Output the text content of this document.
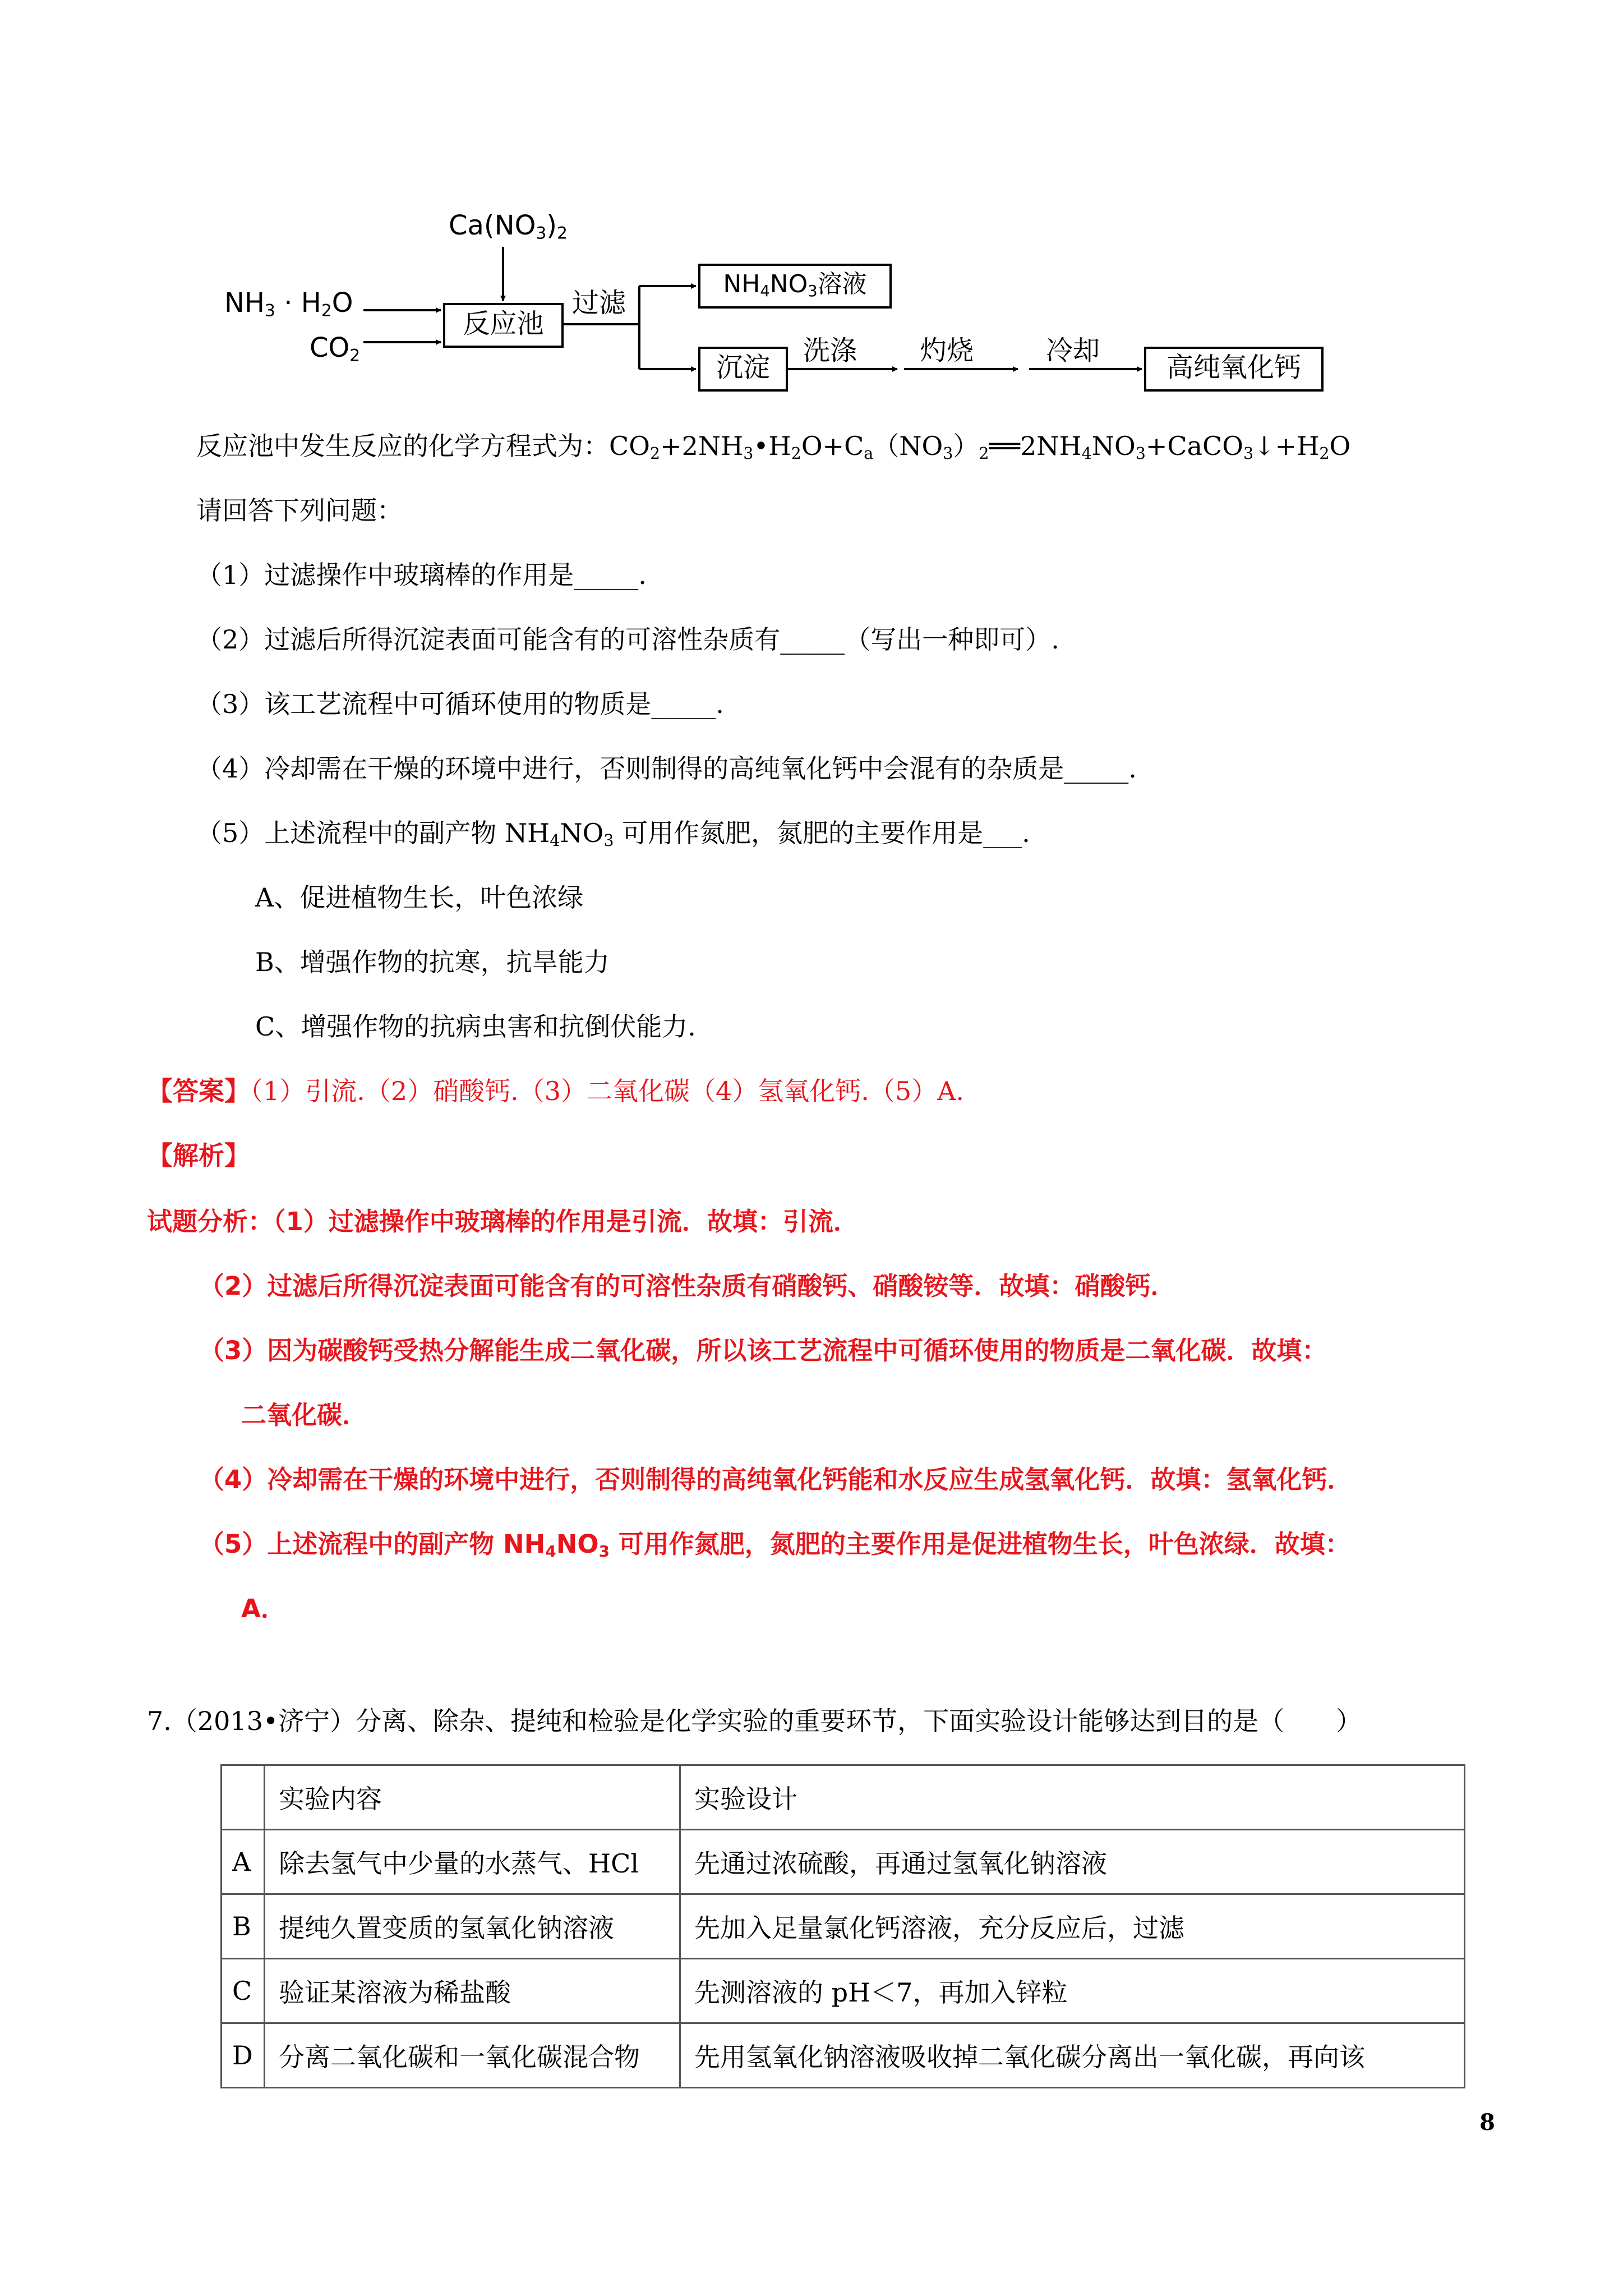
$Ca(NO_3)_2$
$NH_3 \cdot H_2O$
$CO_2$
反应池
过滤
$NH_4NO_3$溶液
沉淀
洗涤 灼烧	冷却
高纯氧化钙
反应池中发生反应的化学方程式为：$CO_2+2NH_3•H_2O+C_a(NO_3)_2══2NH_4NO_3+CaCO_3↓+H_2O$
请回答下列问题：
（1）过滤操作中玻璃棒的作用是_____.
（2）过滤后所得沉淀表面可能含有的可溶性杂质有_____（写出一种即可）.
（3）该工艺流程中可循环使用的物质是_____.
（4）冷却需在干燥的环境中进行，否则制得的高纯氧化钙中会混有的杂质是_____.
（5）上述流程中的副产物 $NH_4NO_3$ 可用作氮肥，氮肥的主要作用是___.
A、促进植物生长，叶色浓绿
B、增强作物的抗寒，抗旱能力
C、增强作物的抗病虫害和抗倒伏能力.
【答案】（1）引流.（2）硝酸钙.（3）二氧化碳（4）氢氧化钙.（5）A.
【解析】
试题分析：（1）过滤操作中玻璃棒的作用是引流．故填：引流．
（2）过滤后所得沉淀表面可能含有的可溶性杂质有硝酸钙、硝酸铵等．故填：硝酸钙．
（3）因为碳酸钙受热分解能生成二氧化碳，所以该工艺流程中可循环使用的物质是二氧化碳．故填：
二氧化碳．
（4）冷却需在干燥的环境中进行，否则制得的高纯氧化钙能和水反应生成氢氧化钙．故填：氢氧化钙．
（5）上述流程中的副产物 $NH_4NO_3$ 可用作氮肥，氮肥的主要作用是促进植物生长，叶色浓绿．故填：
A．
7.（2013•济宁）分离、除杂、提纯和检验是化学实验的重要环节，下面实验设计能够达到目的是（　　）
	实验内容	实验设计
A	除去氢气中少量的水蒸气、HCl	先通过浓硫酸，再通过氢氧化钠溶液
B	提纯久置变质的氢氧化钠溶液	先加入足量氯化钙溶液，充分反应后，过滤
C	验证某溶液为稀盐酸	先测溶液的 pH＜7，再加入锌粒
D	分离二氧化碳和一氧化碳混合物	先用氢氧化钠溶液吸收掉二氧化碳分离出一氧化碳，再向该
8
